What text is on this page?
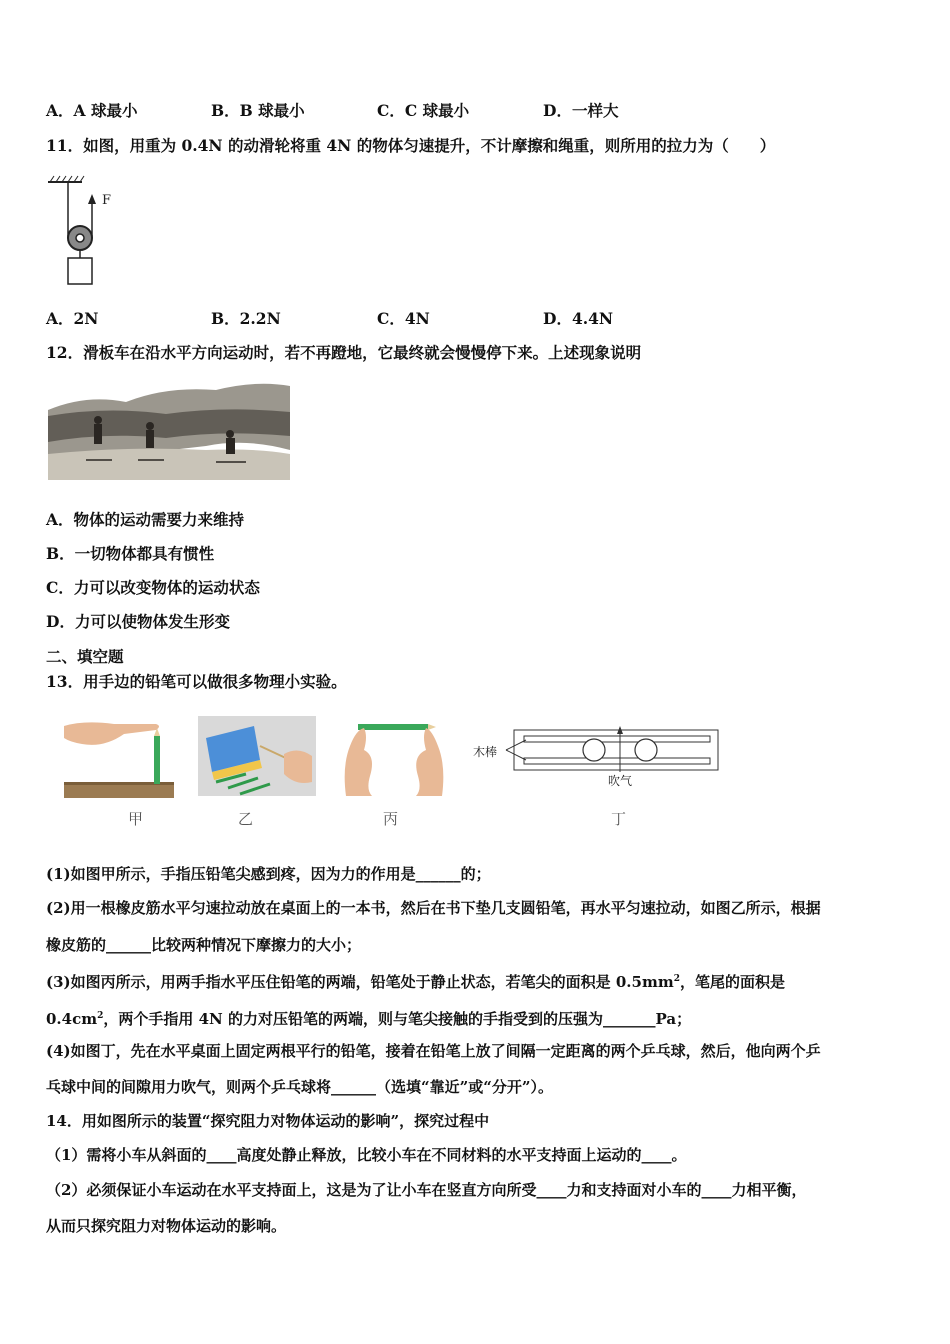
A．A 球最小	B．B 球最小	C．C 球最小	D．一样大
11．如图，用重为 0.4N 的动滑轮将重 4N 的物体匀速提升，不计摩擦和绳重，则所用的拉力为（　　）
F
A．2N	B．2.2N	C．4N	D．4.4N
12．滑板车在沿水平方向运动时，若不再蹬地，它最终就会慢慢停下来。上述现象说明
A．物体的运动需要力来维持
B．一切物体都具有惯性
C．力可以改变物体的运动状态
D．力可以使物体发生形变
二、填空题
13．用手边的铅笔可以做很多物理小实验。
甲	乙	丙
木棒
吹气
丁
(1)如图甲所示，手指压铅笔尖感到疼，因为力的作用是______的；
(2)用一根橡皮筋水平匀速拉动放在桌面上的一本书，然后在书下垫几支圆铅笔，再水平匀速拉动，如图乙所示，根据
橡皮筋的______比较两种情况下摩擦力的大小；
(3)如图丙所示，用两手指水平压住铅笔的两端，铅笔处于静止状态，若笔尖的面积是 $0.5mm^2$，笔尾的面积是
$0.4cm^2$，两个手指用 4N 的力对压铅笔的两端，则与笔尖接触的手指受到的压强为_______Pa；
(4)如图丁，先在水平桌面上固定两根平行的铅笔，接着在铅笔上放了间隔一定距离的两个乒乓球，然后，他向两个乒
乓球中间的间隙用力吹气，则两个乒乓球将______（选填“靠近”或“分开”）。
14．用如图所示的装置“探究阻力对物体运动的影响”，探究过程中
（1）需将小车从斜面的____高度处静止释放，比较小车在不同材料的水平支持面上运动的____。
（2）必须保证小车运动在水平支持面上，这是为了让小车在竖直方向所受____力和支持面对小车的____力相平衡，
从而只探究阻力对物体运动的影响。
